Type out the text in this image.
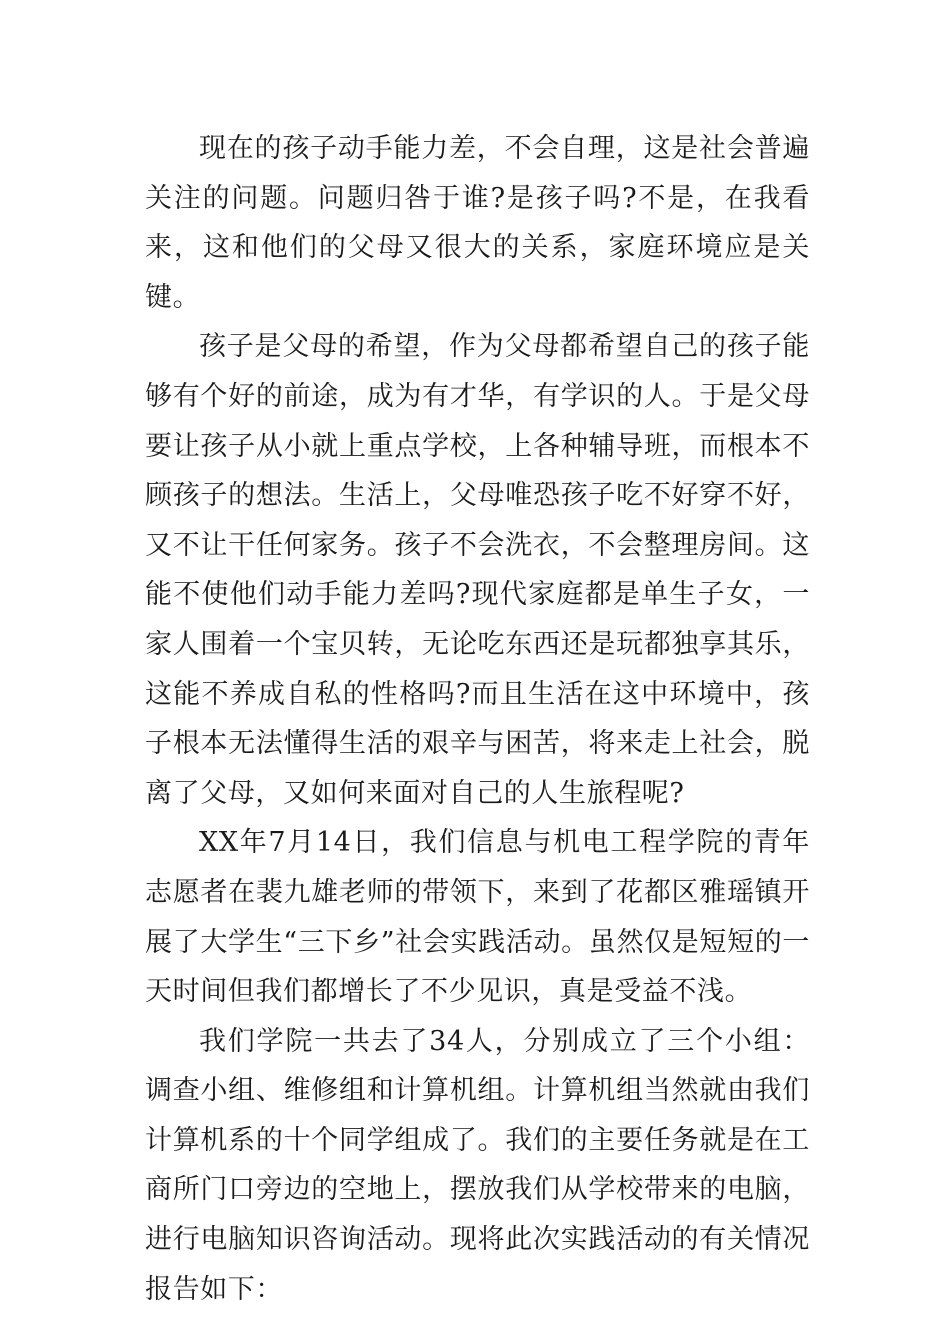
现在的孩子动手能力差，不会自理，这是社会普遍关注的问题。问题归咎于谁?是孩子吗?不是，在我看来，这和他们的父母又很大的关系，家庭环境应是关键。

孩子是父母的希望，作为父母都希望自己的孩子能够有个好的前途，成为有才华，有学识的人。于是父母要让孩子从小就上重点学校，上各种辅导班，而根本不顾孩子的想法。生活上，父母唯恐孩子吃不好穿不好，又不让干任何家务。孩子不会洗衣，不会整理房间。这能不使他们动手能力差吗?现代家庭都是单生子女，一家人围着一个宝贝转，无论吃东西还是玩都独享其乐，这能不养成自私的性格吗?而且生活在这中环境中，孩子根本无法懂得生活的艰辛与困苦，将来走上社会，脱离了父母，又如何来面对自己的人生旅程呢?

XX年7月14日，我们信息与机电工程学院的青年志愿者在裴九雄老师的带领下，来到了花都区雅瑶镇开展了大学生“三下乡”社会实践活动。虽然仅是短短的一天时间但我们都增长了不少见识，真是受益不浅。

我们学院一共去了34人，分别成立了三个小组：调查小组、维修组和计算机组。计算机组当然就由我们计算机系的十个同学组成了。我们的主要任务就是在工商所门口旁边的空地上，摆放我们从学校带来的电脑，进行电脑知识咨询活动。现将此次实践活动的有关情况报告如下：
